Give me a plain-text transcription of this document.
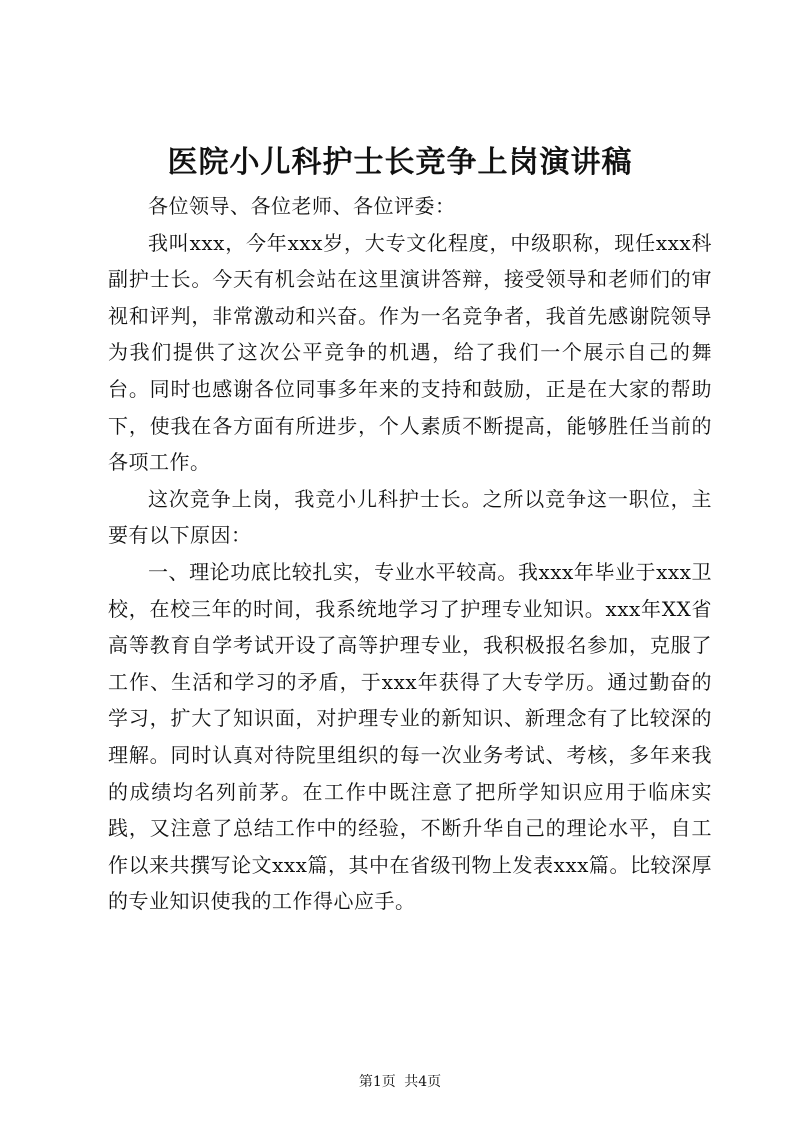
医院小儿科护士长竞争上岗演讲稿

各位领导、各位老师、各位评委：

我叫xxx，今年xxx岁，大专文化程度，中级职称，现任xxx科副护士长。今天有机会站在这里演讲答辩，接受领导和老师们的审视和评判，非常激动和兴奋。作为一名竞争者，我首先感谢院领导为我们提供了这次公平竞争的机遇，给了我们一个展示自己的舞台。同时也感谢各位同事多年来的支持和鼓励，正是在大家的帮助下，使我在各方面有所进步，个人素质不断提高，能够胜任当前的各项工作。

这次竞争上岗，我竞小儿科护士长。之所以竞争这一职位，主要有以下原因：

一、理论功底比较扎实，专业水平较高。我xxx年毕业于xxx卫校，在校三年的时间，我系统地学习了护理专业知识。xxx年XX省高等教育自学考试开设了高等护理专业，我积极报名参加，克服了工作、生活和学习的矛盾，于xxx年获得了大专学历。通过勤奋的学习，扩大了知识面，对护理专业的新知识、新理念有了比较深的理解。同时认真对待院里组织的每一次业务考试、考核，多年来我的成绩均名列前茅。在工作中既注意了把所学知识应用于临床实践，又注意了总结工作中的经验，不断升华自己的理论水平，自工作以来共撰写论文xxx篇，其中在省级刊物上发表xxx篇。比较深厚的专业知识使我的工作得心应手。

第1页 共4页
